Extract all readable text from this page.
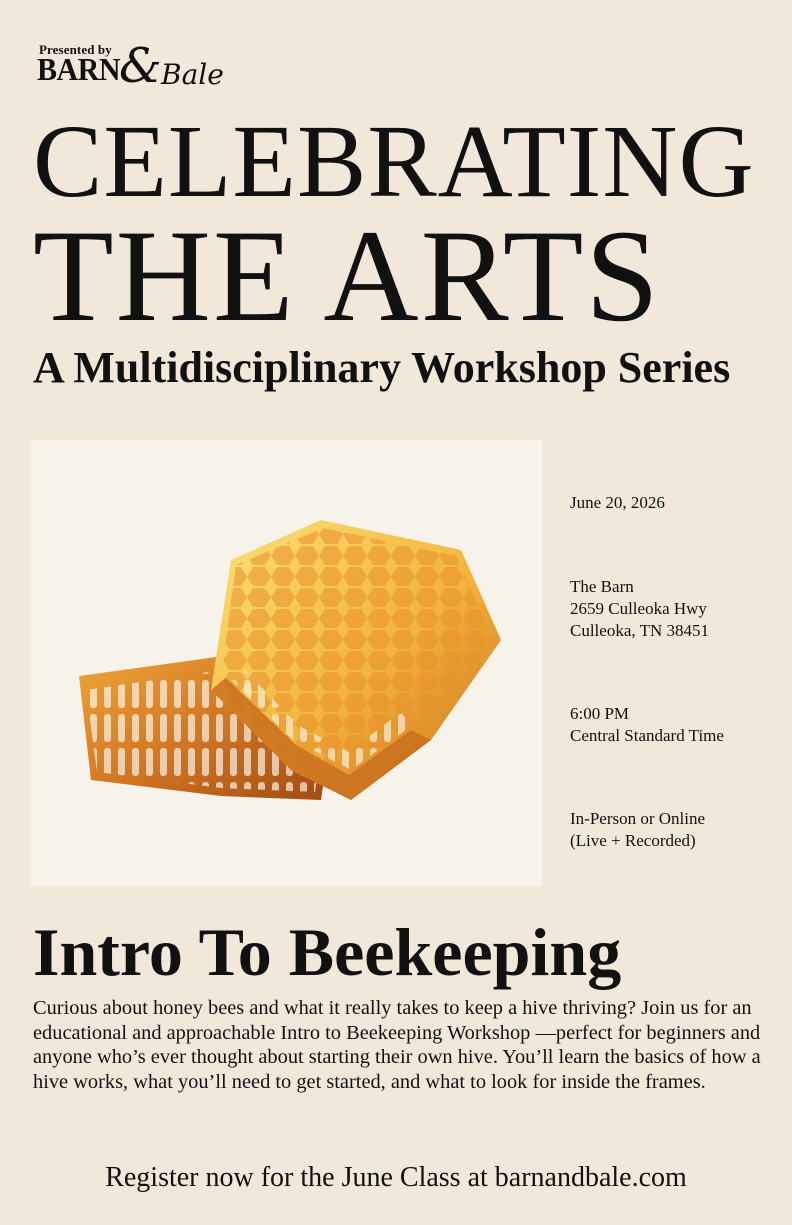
Presented by
BARN
& Bale
CELEBRATING
THE ARTS
A Multidisciplinary Workshop Series
June 20, 2026
The Barn
2659 Culleoka Hwy
Culleoka, TN 38451
6:00 PM
Central Standard Time
In-Person or Online
(Live + Recorded)
Intro To Beekeeping

Curious about honey bees and what it really takes to keep a hive thriving? Join us for an educational and approachable Intro to Beekeeping Workshop —perfect for beginners and anyone who’s ever thought about starting their own hive. You’ll learn the basics of how a hive works, what you’ll need to get started, and what to look for inside the frames.

Register now for the June Class at barnandbale.com
